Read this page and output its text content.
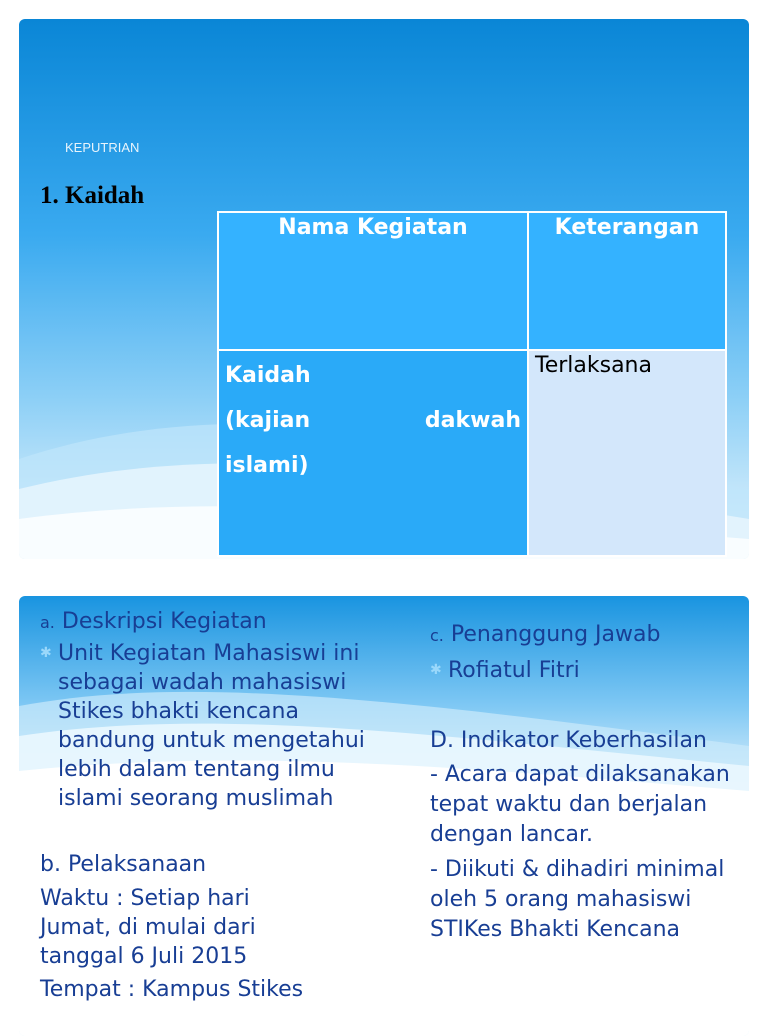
KEPUTRIAN
1. Kaidah
Nama Kegiatan	Keterangan

Kaidah
(kajian dakwah
islami)	Terlaksana

a. Deskripsi Kegiatan

✱ Unit Kegiatan Mahasiswi ini sebagai wadah mahasiswi Stikes bhakti kencana bandung untuk mengetahui lebih dalam tentang ilmu islami seorang muslimah

b. Pelaksanaan

Waktu : Setiap hari Jumat, di mulai dari tanggal 6 Juli 2015

Tempat : Kampus Stikes

c. Penanggung Jawab

✱ Rofiatul Fitri

D. Indikator Keberhasilan

- Acara dapat dilaksanakan tepat waktu dan berjalan dengan lancar.

- Diikuti & dihadiri minimal oleh 5 orang mahasiswi STIKes Bhakti Kencana
